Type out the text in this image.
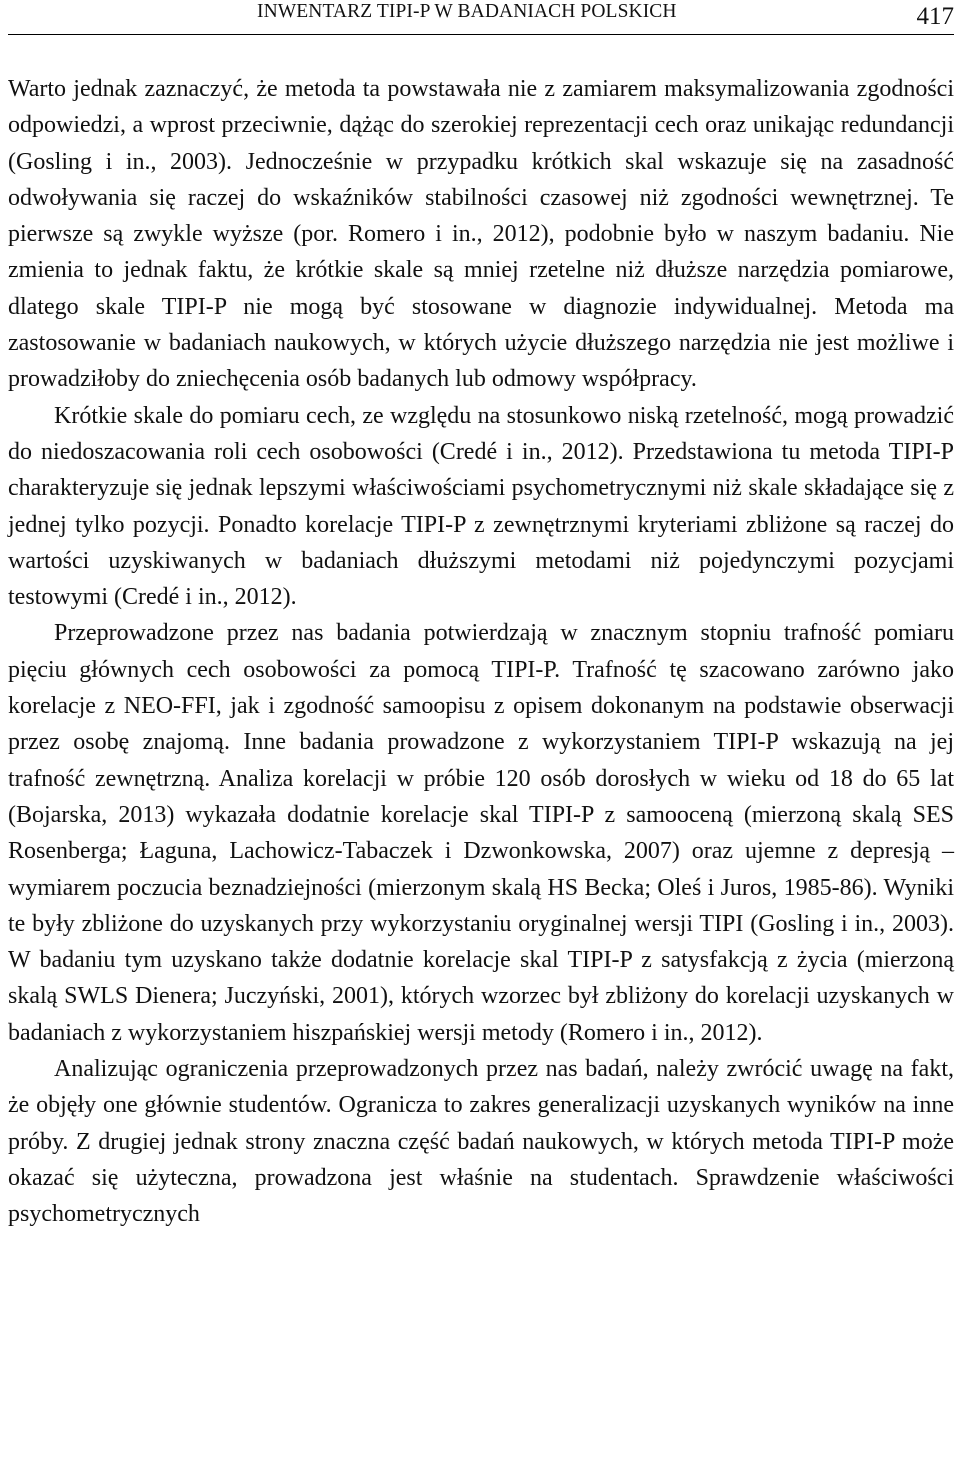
INWENTARZ TIPI-P W BADANIACH POLSKICH	417

Warto jednak zaznaczyć, że metoda ta powstawała nie z zamiarem maksymalizowania zgodności odpowiedzi, a wprost przeciwnie, dążąc do szerokiej reprezentacji cech oraz unikając redundancji (Gosling i in., 2003). Jednocześnie w przypadku krótkich skal wskazuje się na zasadność odwoływania się raczej do wskaźników stabilności czasowej niż zgodności wewnętrznej. Te pierwsze są zwykle wyższe (por. Romero i in., 2012), podobnie było w naszym badaniu. Nie zmienia to jednak faktu, że krótkie skale są mniej rzetelne niż dłuższe narzędzia pomiarowe, dlatego skale TIPI-P nie mogą być stosowane w diagnozie indywidualnej. Metoda ma zastosowanie w badaniach naukowych, w których użycie dłuższego narzędzia nie jest możliwe i prowadziłoby do zniechęcenia osób badanych lub odmowy współpracy.

Krótkie skale do pomiaru cech, ze względu na stosunkowo niską rzetelność, mogą prowadzić do niedoszacowania roli cech osobowości (Credé i in., 2012). Przedstawiona tu metoda TIPI-P charakteryzuje się jednak lepszymi właściwościami psychometrycznymi niż skale składające się z jednej tylko pozycji. Ponadto korelacje TIPI-P z zewnętrznymi kryteriami zbliżone są raczej do wartości uzyskiwanych w badaniach dłuższymi metodami niż pojedynczymi pozycjami testowymi (Credé i in., 2012).

Przeprowadzone przez nas badania potwierdzają w znacznym stopniu trafność pomiaru pięciu głównych cech osobowości za pomocą TIPI-P. Trafność tę szacowano zarówno jako korelacje z NEO-FFI, jak i zgodność samoopisu z opisem dokonanym na podstawie obserwacji przez osobę znajomą. Inne badania prowadzone z wykorzystaniem TIPI-P wskazują na jej trafność zewnętrzną. Analiza korelacji w próbie 120 osób dorosłych w wieku od 18 do 65 lat (Bojarska, 2013) wykazała dodatnie korelacje skal TIPI-P z samooceną (mierzoną skalą SES Rosenberga; Łaguna, Lachowicz-Tabaczek i Dzwonkowska, 2007) oraz ujemne z depresją – wymiarem poczucia beznadziejności (mierzonym skalą HS Becka; Oleś i Juros, 1985-86). Wyniki te były zbliżone do uzyskanych przy wykorzystaniu oryginalnej wersji TIPI (Gosling i in., 2003). W badaniu tym uzyskano także dodatnie korelacje skal TIPI-P z satysfakcją z życia (mierzoną skalą SWLS Dienera; Juczyński, 2001), których wzorzec był zbliżony do korelacji uzyskanych w badaniach z wykorzystaniem hiszpańskiej wersji metody (Romero i in., 2012).

Analizując ograniczenia przeprowadzonych przez nas badań, należy zwrócić uwagę na fakt, że objęły one głównie studentów. Ogranicza to zakres generalizacji uzyskanych wyników na inne próby. Z drugiej jednak strony znaczna część badań naukowych, w których metoda TIPI-P może okazać się użyteczna, prowadzona jest właśnie na studentach. Sprawdzenie właściwości psychometrycznych
